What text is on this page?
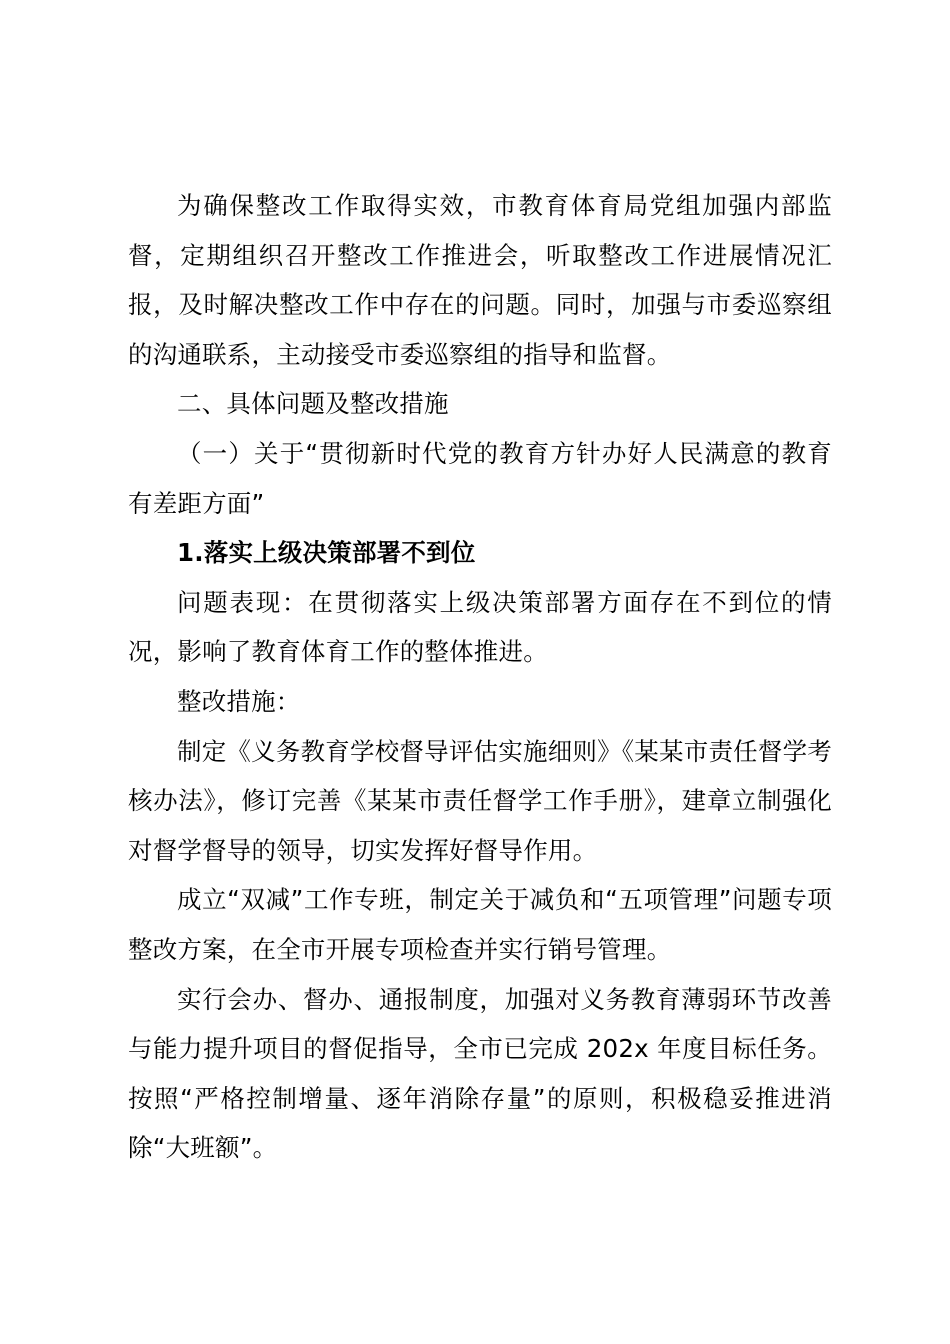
为确保整改工作取得实效，市教育体育局党组加强内部监督，定期组织召开整改工作推进会，听取整改工作进展情况汇报，及时解决整改工作中存在的问题。同时，加强与市委巡察组的沟通联系，主动接受市委巡察组的指导和监督。

二、具体问题及整改措施

（一）关于“贯彻新时代党的教育方针办好人民满意的教育有差距方面”

1.落实上级决策部署不到位

问题表现：在贯彻落实上级决策部署方面存在不到位的情况，影响了教育体育工作的整体推进。

整改措施：

制定《义务教育学校督导评估实施细则》《某某市责任督学考核办法》，修订完善《某某市责任督学工作手册》，建章立制强化对督学督导的领导，切实发挥好督导作用。

成立“双减”工作专班，制定关于减负和“五项管理”问题专项整改方案，在全市开展专项检查并实行销号管理。

实行会办、督办、通报制度，加强对义务教育薄弱环节改善与能力提升项目的督促指导，全市已完成 202x 年度目标任务。按照“严格控制增量、逐年消除存量”的原则，积极稳妥推进消除“大班额”。
